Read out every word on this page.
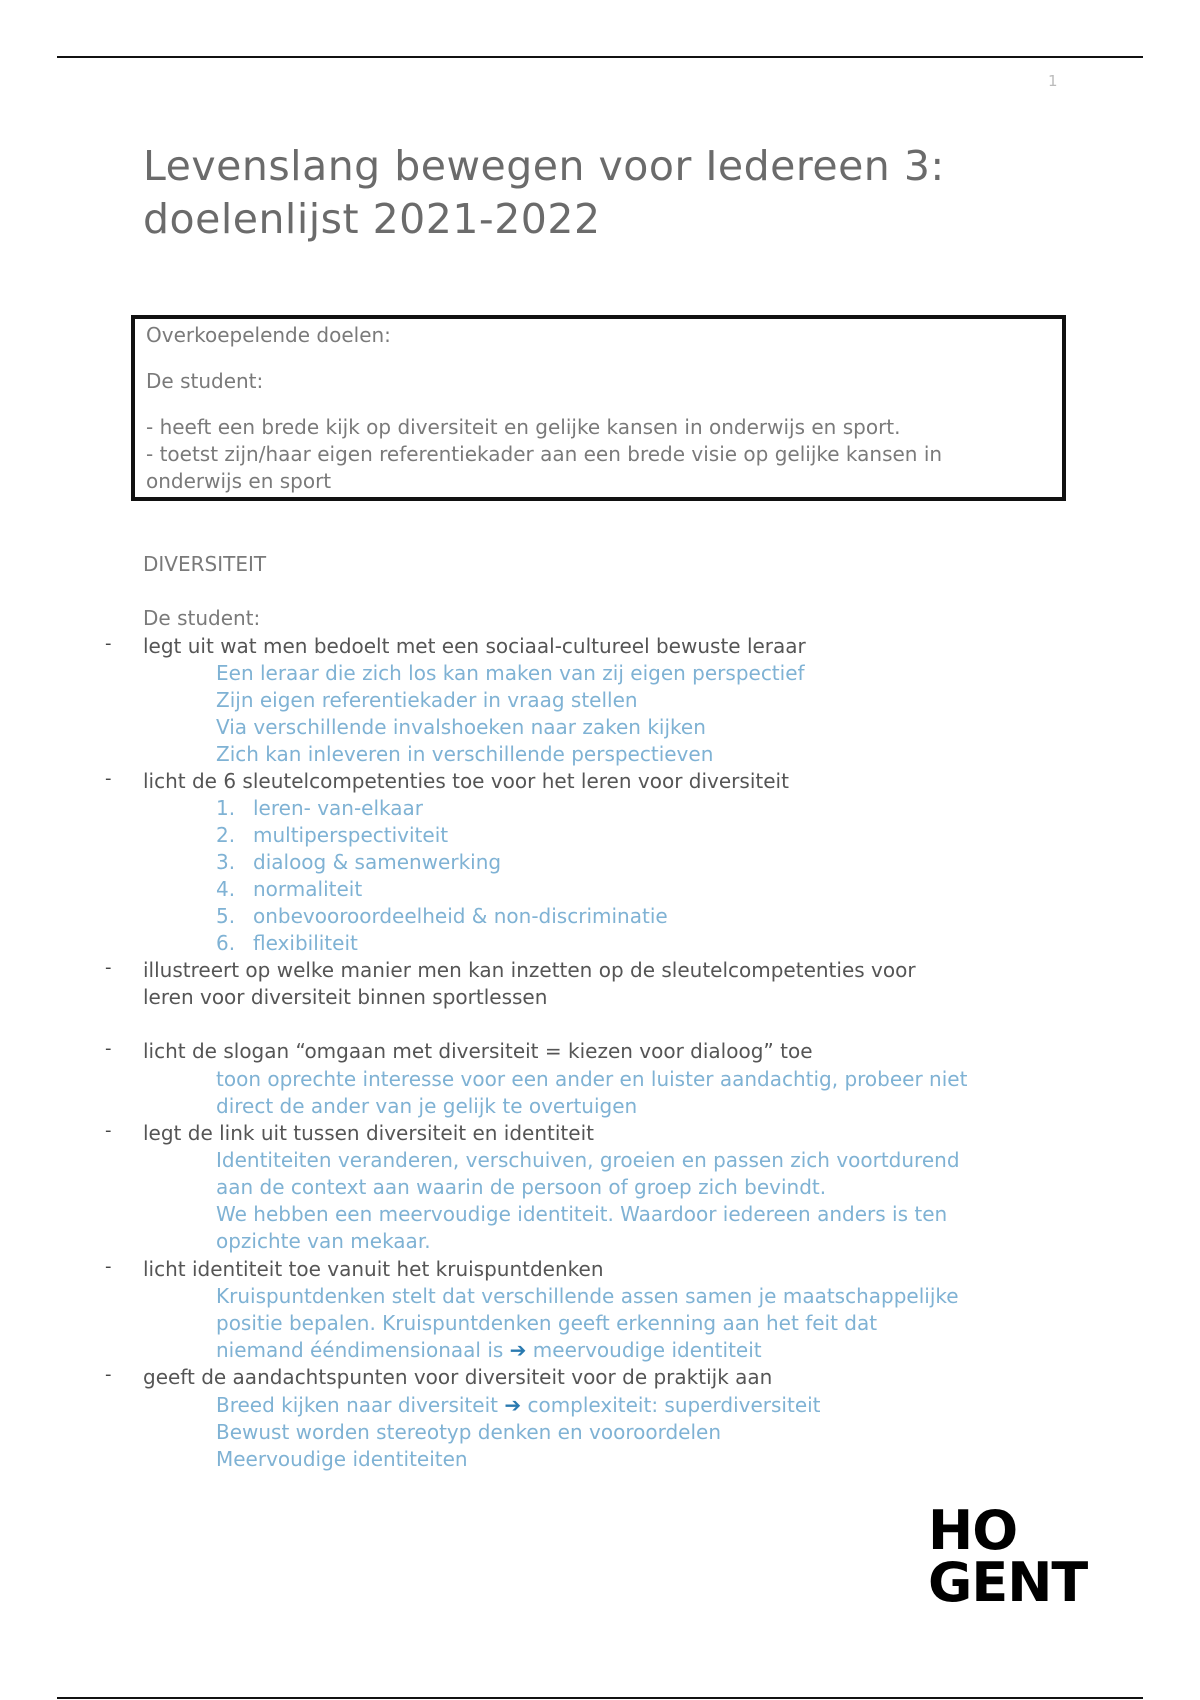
1
Levenslang bewegen voor Iedereen 3:
doelenlijst 2021-2022
Overkoepelende doelen:
De student:
- heeft een brede kijk op diversiteit en gelijke kansen in onderwijs en sport.
- toetst zijn/haar eigen referentiekader aan een brede visie op gelijke kansen in
onderwijs en sport
DIVERSITEIT
De student:
- legt uit wat men bedoelt met een sociaal-cultureel bewuste leraar
Een leraar die zich los kan maken van zij eigen perspectief
Zijn eigen referentiekader in vraag stellen
Via verschillende invalshoeken naar zaken kijken
Zich kan inleveren in verschillende perspectieven
- licht de 6 sleutelcompetenties toe voor het leren voor diversiteit
1. leren- van-elkaar
2. multiperspectiviteit
3. dialoog & samenwerking
4. normaliteit
5. onbevooroordeelheid & non-discriminatie
6. flexibiliteit
- illustreert op welke manier men kan inzetten op de sleutelcompetenties voor
leren voor diversiteit binnen sportlessen
- licht de slogan “omgaan met diversiteit = kiezen voor dialoog” toe
toon oprechte interesse voor een ander en luister aandachtig, probeer niet
direct de ander van je gelijk te overtuigen
- legt de link uit tussen diversiteit en identiteit
Identiteiten veranderen, verschuiven, groeien en passen zich voortdurend
aan de context aan waarin de persoon of groep zich bevindt.
We hebben een meervoudige identiteit. Waardoor iedereen anders is ten
opzichte van mekaar.
- licht identiteit toe vanuit het kruispuntdenken
Kruispuntdenken stelt dat verschillende assen samen je maatschappelijke
positie bepalen. Kruispuntdenken geeft erkenning aan het feit dat
niemand ééndimensionaal is ➔ meervoudige identiteit
- geeft de aandachtspunten voor diversiteit voor de praktijk aan
Breed kijken naar diversiteit ➔ complexiteit: superdiversiteit
Bewust worden stereotyp denken en vooroordelen
Meervoudige identiteiten
HO
GENT
